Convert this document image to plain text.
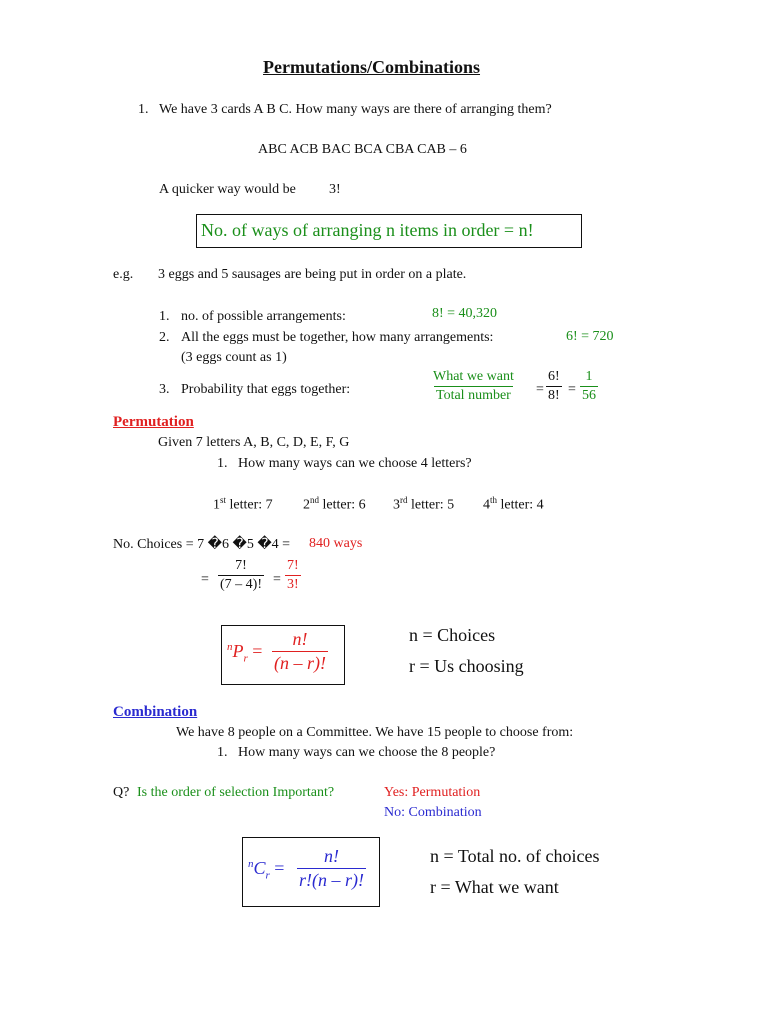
Permutations/Combinations
1. We have 3 cards A B C. How many ways are there of arranging them?
ABC ACB BAC BCA CBA CAB – 6
A quicker way would be 3!
No. of ways of arranging n items in order = n!
e.g. 3 eggs and 5 sausages are being put in order on a plate.
1. no. of possible arrangements:	8! = 40,320
2. All the eggs must be together, how many arrangements:	6! = 720
(3 eggs count as 1)
3. Probability that eggs together:
What we want
Total number = $\frac{6!}{8!} = \frac{1}{56}$
Permutation
Given 7 letters A, B, C, D, E, F, G
1. How many ways can we choose 4 letters?
1st letter: 7 2nd letter: 6 3rd letter: 5 4th letter: 4
No. Choices = 7 �6 �5 �4 = 840 ways
= $\frac{7!}{(7 - 4)!} = \frac{7!}{3!}$
$^nP_r = \frac{n!}{(n - r)!}$	n = Choices
r = Us choosing
Combination
We have 8 people on a Committee. We have 15 people to choose from:
1. How many ways can we choose the 8 people?
Q? Is the order of selection Important?	Yes: Permutation
No: Combination
$^nC_r = \frac{n!}{r!(n - r)!}$	n = Total no. of choices
r = What we want
